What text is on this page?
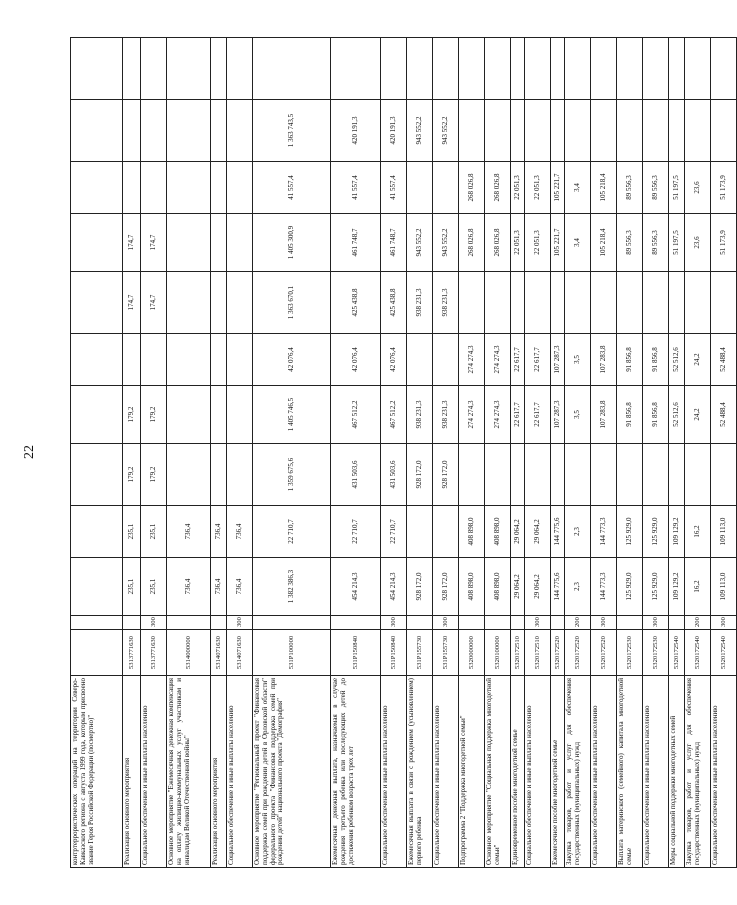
22
контртеррористических операций на территории Северо-Кавказского региона с августа 1999 года, которым присвоено звание Героя Российской Федерации (посмертно)"												
Реализация основного мероприятия	5313771630		235,1	235,1	179,2	179,2		174,7	174,7			
Социальное обеспечение и иные выплаты населению	5313771630	300	235,1	235,1	179,2	179,2		174,7	174,7			
Основное мероприятие "Ежемесячная денежная компенсация на оплату жилищно-коммунальных услуг участникам и инвалидам Великой Отечественной войны"	5314000000		736,4	736,4								
Реализация основного мероприятия	5314071630		736,4	736,4								
Социальное обеспечение и иные выплаты населению	5314071630	300	736,4	736,4								
Основное мероприятие "Региональный проект "Финансовая поддержка семей при рождении детей в Орловской области" федерального проекта "Финансовая поддержка семей при рождении детей" национального проекта "Демография"	531P100000		1 382 386,3	22 710,7	1 359 675,6	1 405 746,5	42 076,4	1 363 670,1	1 405 300,9	41 557,4	1 363 743,5	
Ежемесячная денежная выплата, назначаемая в случае рождения третьего ребенка или последующих детей до достижения ребенком возраста трех лет	531P150840		454 214,3	22 710,7	431 503,6	467 512,2	42 076,4	425 438,8	461 748,7	41 557,4	420 191,3	
Социальное обеспечение и иные выплаты населению	531P150840	300	454 214,3	22 710,7	431 503,6	467 512,2	42 076,4	425 438,8	461 748,7	41 557,4	420 191,3	
Ежемесячная выплата в связи с рождением (усыновлением) первого ребенка	531P155730		928 172,0		928 172,0	938 231,3		938 231,3	943 552,2		943 552,2	
Социальное обеспечение и иные выплаты населению	531P155730	300	928 172,0		928 172,0	938 231,3		938 231,3	943 552,2		943 552,2	
Подпрограмма 2 "Поддержка многодетной семьи"	5320000000		408 898,0	408 898,0		274 274,3	274 274,3		268 026,8	268 026,8		
Основное мероприятие "Социальная поддержка многодетной семьи"	5320100000		408 898,0	408 898,0		274 274,3	274 274,3		268 026,8	268 026,8		
Единовременное пособие многодетной семье	5320172510		29 064,2	29 064,2		22 617,7	22 617,7		22 051,3	22 051,3		
Социальное обеспечение и иные выплаты населению	5320172510	300	29 064,2	29 064,2		22 617,7	22 617,7		22 051,3	22 051,3		
Ежемесячное пособие многодетной семье	5320172520		144 775,6	144 775,6		107 287,3	107 287,3		105 221,7	105 221,7		
Закупка товаров, работ и услуг для обеспечения государственных (муниципальных) нужд	5320172520	200	2,3	2,3		3,5	3,5		3,4	3,4		
Социальное обеспечение и иные выплаты населению	5320172520	300	144 773,3	144 773,3		107 283,8	107 283,8		105 218,4	105 218,4		
Выплата материнского (семейного) капитала многодетной семье	5320172530		125 929,0	125 929,0		91 856,8	91 856,8		89 556,3	89 556,3		
Социальное обеспечение и иные выплаты населению	5320172530	300	125 929,0	125 929,0		91 856,8	91 856,8		89 556,3	89 556,3		
Меры социальной поддержки многодетных семей	5320172540		109 129,2	109 129,2		52 512,6	52 512,6		51 197,5	51 197,5		
Закупка товаров, работ и услуг для обеспечения государственных (муниципальных) нужд	5320172540	200	16,2	16,2		24,2	24,2		23,6	23,6		
Социальное обеспечение и иные выплаты населению	5320172540	300	109 113,0	109 113,0		52 488,4	52 488,4		51 173,9	51 173,9		
